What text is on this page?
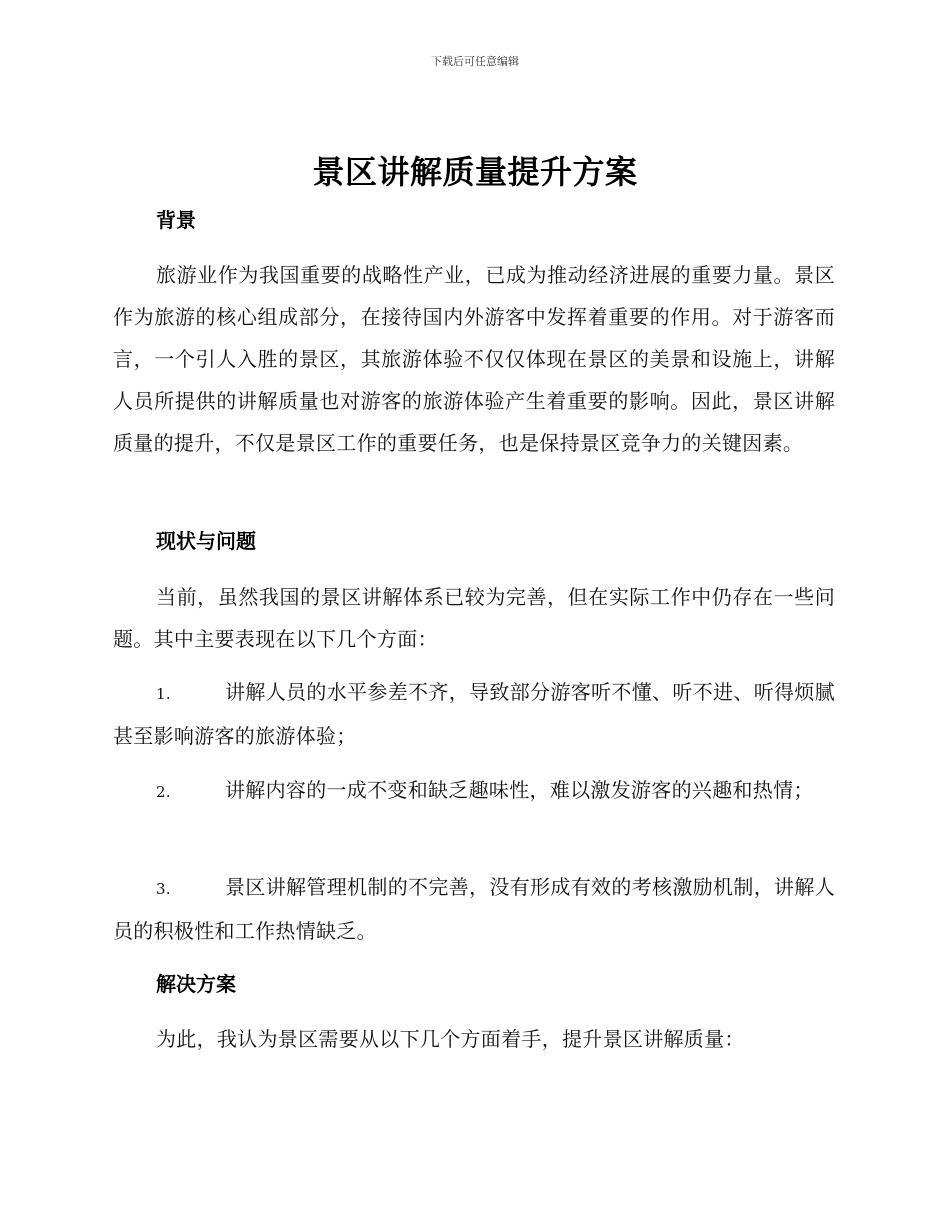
下载后可任意编辑
景区讲解质量提升方案
背景
旅游业作为我国重要的战略性产业，已成为推动经济进展的重要力量。景区作为旅游的核心组成部分，在接待国内外游客中发挥着重要的作用。对于游客而言，一个引人入胜的景区，其旅游体验不仅仅体现在景区的美景和设施上，讲解人员所提供的讲解质量也对游客的旅游体验产生着重要的影响。因此，景区讲解质量的提升，不仅是景区工作的重要任务，也是保持景区竞争力的关键因素。
现状与问题
当前，虽然我国的景区讲解体系已较为完善，但在实际工作中仍存在一些问题。其中主要表现在以下几个方面：
1.	讲解人员的水平参差不齐，导致部分游客听不懂、听不进、听得烦腻甚至影响游客的旅游体验；
2.	讲解内容的一成不变和缺乏趣味性，难以激发游客的兴趣和热情；
3.	景区讲解管理机制的不完善，没有形成有效的考核激励机制，讲解人员的积极性和工作热情缺乏。
解决方案
为此，我认为景区需要从以下几个方面着手，提升景区讲解质量：
